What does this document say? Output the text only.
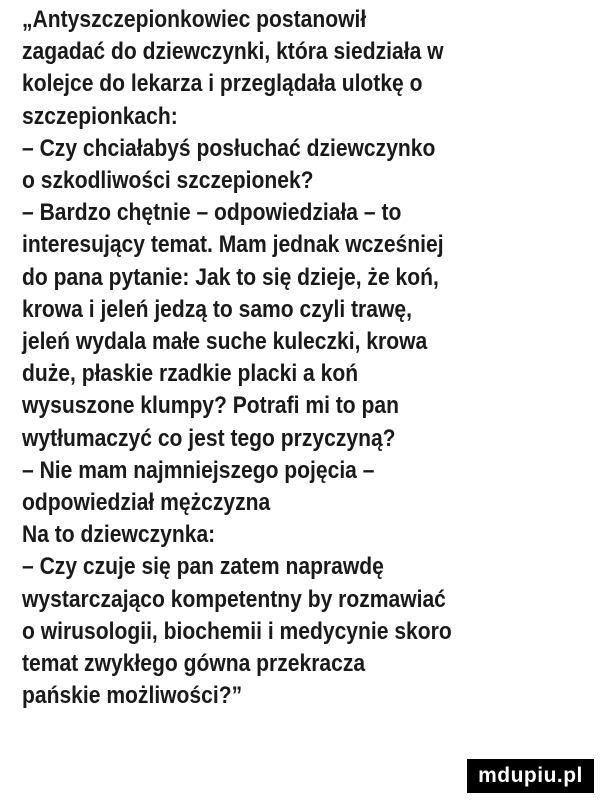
„Antyszczepionkowiec postanowił
zagadać do dziewczynki, która siedziała w
kolejce do lekarza i przeglądała ulotkę o
szczepionkach:
– Czy chciałabyś posłuchać dziewczynko
o szkodliwości szczepionek?
– Bardzo chętnie – odpowiedziała – to
interesujący temat. Mam jednak wcześniej
do pana pytanie: Jak to się dzieje, że koń,
krowa i jeleń jedzą to samo czyli trawę,
jeleń wydala małe suche kuleczki, krowa
duże, płaskie rzadkie placki a koń
wysuszone klumpy? Potrafi mi to pan
wytłumaczyć co jest tego przyczyną?
– Nie mam najmniejszego pojęcia –
odpowiedział mężczyzna
Na to dziewczynka:
– Czy czuje się pan zatem naprawdę
wystarczająco kompetentny by rozmawiać
o wirusologii, biochemii i medycynie skoro
temat zwykłego gówna przekracza
pańskie możliwości?”
mdupiu.pl
